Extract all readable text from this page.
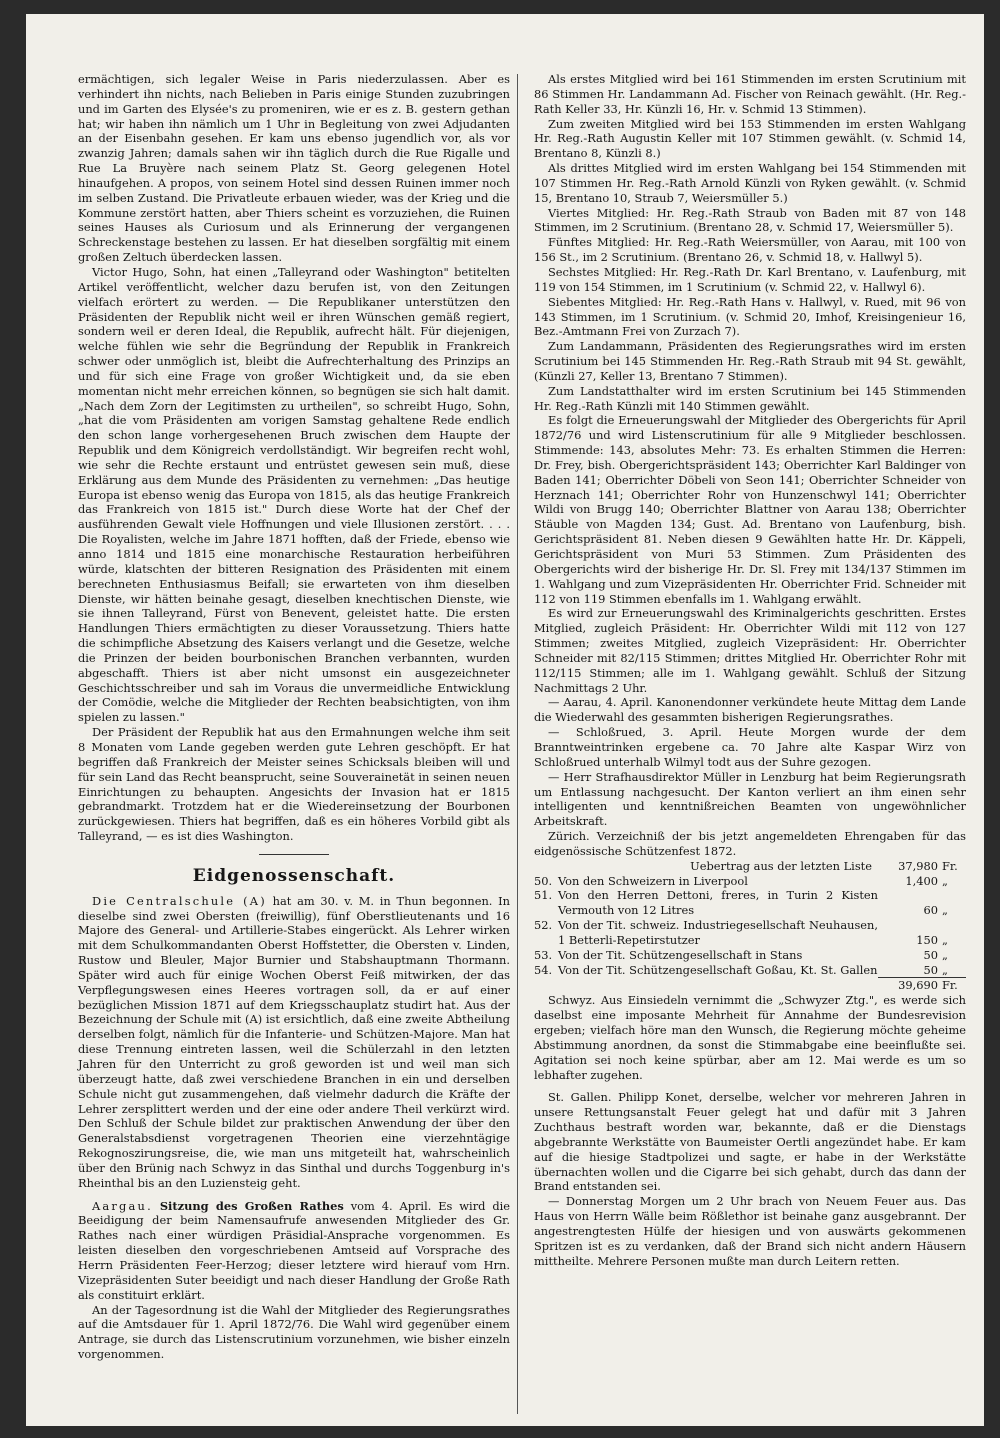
ermächtigen, sich legaler Weise in Paris niederzulassen. Aber es verhindert ihn nichts, nach Belieben in Paris einige Stunden zuzubringen und im Garten des Elysée's zu promeniren, wie er es z. B. gestern gethan hat; wir haben ihn nämlich um 1 Uhr in Begleitung von zwei Adjudanten an der Eisenbahn gesehen. Er kam uns ebenso jugendlich vor, als vor zwanzig Jahren; damals sahen wir ihn täglich durch die Rue Rigalle und Rue La Bruyère nach seinem Platz St. Georg gelegenen Hotel hinaufgehen. A propos, von seinem Hotel sind dessen Ruinen immer noch im selben Zustand. Die Privatleute erbauen wieder, was der Krieg und die Kommune zerstört hatten, aber Thiers scheint es vorzuziehen, die Ruinen seines Hauses als Curiosum und als Erinnerung der vergangenen Schreckenstage bestehen zu lassen. Er hat dieselben sorgfältig mit einem großen Zeltuch überdecken lassen.

Victor Hugo, Sohn, hat einen „Talleyrand oder Washington" betitelten Artikel veröffentlicht, welcher dazu berufen ist, von den Zeitungen vielfach erörtert zu werden. — Die Republikaner unterstützen den Präsidenten der Republik nicht weil er ihren Wünschen gemäß regiert, sondern weil er deren Ideal, die Republik, aufrecht hält. Für diejenigen, welche fühlen wie sehr die Begründung der Republik in Frankreich schwer oder unmöglich ist, bleibt die Aufrechterhaltung des Prinzips an und für sich eine Frage von großer Wichtigkeit und, da sie eben momentan nicht mehr erreichen können, so begnügen sie sich halt damit. „Nach dem Zorn der Legitimsten zu urtheilen", so schreibt Hugo, Sohn, „hat die vom Präsidenten am vorigen Samstag gehaltene Rede endlich den schon lange vorhergesehenen Bruch zwischen dem Haupte der Republik und dem Königreich verdollständigt. Wir begreifen recht wohl, wie sehr die Rechte erstaunt und entrüstet gewesen sein muß, diese Erklärung aus dem Munde des Präsidenten zu vernehmen: „Das heutige Europa ist ebenso wenig das Europa von 1815, als das heutige Frankreich das Frankreich von 1815 ist." Durch diese Worte hat der Chef der ausführenden Gewalt viele Hoffnungen und viele Illusionen zerstört. . . . Die Royalisten, welche im Jahre 1871 hofften, daß der Friede, ebenso wie anno 1814 und 1815 eine monarchische Restauration herbeiführen würde, klatschten der bitteren Resignation des Präsidenten mit einem berechneten Enthusiasmus Beifall; sie erwarteten von ihm dieselben Dienste, wir hätten beinahe gesagt, dieselben knechtischen Dienste, wie sie ihnen Talleyrand, Fürst von Benevent, geleistet hatte. Die ersten Handlungen Thiers ermächtigten zu dieser Voraussetzung. Thiers hatte die schimpfliche Absetzung des Kaisers verlangt und die Gesetze, welche die Prinzen der beiden bourbonischen Branchen verbannten, wurden abgeschafft. Thiers ist aber nicht umsonst ein ausgezeichneter Geschichtsschreiber und sah im Voraus die unvermeidliche Entwicklung der Comödie, welche die Mitglieder der Rechten beabsichtigten, von ihm spielen zu lassen."

Der Präsident der Republik hat aus den Ermahnungen welche ihm seit 8 Monaten vom Lande gegeben werden gute Lehren geschöpft. Er hat begriffen daß Frankreich der Meister seines Schicksals bleiben will und für sein Land das Recht beansprucht, seine Souverainetät in seinen neuen Einrichtungen zu behaupten. Angesichts der Invasion hat er 1815 gebrandmarkt. Trotzdem hat er die Wiedereinsetzung der Bourbonen zurückgewiesen. Thiers hat begriffen, daß es ein höheres Vorbild gibt als Talleyrand, — es ist dies Washington.

Eidgenossenschaft.

Die Centralschule (A) hat am 30. v. M. in Thun begonnen. In dieselbe sind zwei Obersten (freiwillig), fünf Oberstlieutenants und 16 Majore des General- und Artillerie-Stabes eingerückt. Als Lehrer wirken mit dem Schulkommandanten Oberst Hoffstetter, die Obersten v. Linden, Rustow und Bleuler, Major Burnier und Stabshauptmann Thormann. Später wird auch für einige Wochen Oberst Feiß mitwirken, der das Verpflegungswesen eines Heeres vortragen soll, da er auf einer bezüglichen Mission 1871 auf dem Kriegsschauplatz studirt hat. Aus der Bezeichnung der Schule mit (A) ist ersichtlich, daß eine zweite Abtheilung derselben folgt, nämlich für die Infanterie- und Schützen-Majore. Man hat diese Trennung eintreten lassen, weil die Schülerzahl in den letzten Jahren für den Unterricht zu groß geworden ist und weil man sich überzeugt hatte, daß zwei verschiedene Branchen in ein und derselben Schule nicht gut zusammengehen, daß vielmehr dadurch die Kräfte der Lehrer zersplittert werden und der eine oder andere Theil verkürzt wird. Den Schluß der Schule bildet zur praktischen Anwendung der über den Generalstabsdienst vorgetragenen Theorien eine vierzehntägige Rekognoszirungsreise, die, wie man uns mitgeteilt hat, wahrscheinlich über den Brünig nach Schwyz in das Sinthal und durchs Toggenburg in's Rheinthal bis an den Luziensteig geht.

Aargau. Sitzung des Großen Rathes vom 4. April. Es wird die Beeidigung der beim Namensaufrufe anwesenden Mitglieder des Gr. Rathes nach einer würdigen Präsidial-Ansprache vorgenommen. Es leisten dieselben den vorgeschriebenen Amtseid auf Vorsprache des Herrn Präsidenten Feer-Herzog; dieser letztere wird hierauf vom Hrn. Vizepräsidenten Suter beeidigt und nach dieser Handlung der Große Rath als constituirt erklärt.

An der Tagesordnung ist die Wahl der Mitglieder des Regierungsrathes auf die Amtsdauer für 1. April 1872/76. Die Wahl wird gegenüber einem Antrage, sie durch das Listenscrutinium vorzunehmen, wie bisher einzeln vorgenommen.

Als erstes Mitglied wird bei 161 Stimmenden im ersten Scrutinium mit 86 Stimmen Hr. Landammann Ad. Fischer von Reinach gewählt. (Hr. Reg.-Rath Keller 33, Hr. Künzli 16, Hr. v. Schmid 13 Stimmen).

Zum zweiten Mitglied wird bei 153 Stimmenden im ersten Wahlgang Hr. Reg.-Rath Augustin Keller mit 107 Stimmen gewählt. (v. Schmid 14, Brentano 8, Künzli 8.)

Als drittes Mitglied wird im ersten Wahlgang bei 154 Stimmenden mit 107 Stimmen Hr. Reg.-Rath Arnold Künzli von Ryken gewählt. (v. Schmid 15, Brentano 10, Straub 7, Weiersmüller 5.)

Viertes Mitglied: Hr. Reg.-Rath Straub von Baden mit 87 von 148 Stimmen, im 2 Scrutinium. (Brentano 28, v. Schmid 17, Weiersmüller 5).

Fünftes Mitglied: Hr. Reg.-Rath Weiersmüller, von Aarau, mit 100 von 156 St., im 2 Scrutinium. (Brentano 26, v. Schmid 18, v. Hallwyl 5).

Sechstes Mitglied: Hr. Reg.-Rath Dr. Karl Brentano, v. Laufenburg, mit 119 von 154 Stimmen, im 1 Scrutinium (v. Schmid 22, v. Hallwyl 6).

Siebentes Mitglied: Hr. Reg.-Rath Hans v. Hallwyl, v. Rued, mit 96 von 143 Stimmen, im 1 Scrutinium. (v. Schmid 20, Imhof, Kreisingenieur 16, Bez.-Amtmann Frei von Zurzach 7).

Zum Landammann, Präsidenten des Regierungsrathes wird im ersten Scrutinium bei 145 Stimmenden Hr. Reg.-Rath Straub mit 94 St. gewählt, (Künzli 27, Keller 13, Brentano 7 Stimmen).

Zum Landstatthalter wird im ersten Scrutinium bei 145 Stimmenden Hr. Reg.-Rath Künzli mit 140 Stimmen gewählt.

Es folgt die Erneuerungswahl der Mitglieder des Obergerichts für April 1872/76 und wird Listenscrutinium für alle 9 Mitglieder beschlossen. Stimmende: 143, absolutes Mehr: 73. Es erhalten Stimmen die Herren: Dr. Frey, bish. Obergerichtspräsident 143; Oberrichter Karl Baldinger von Baden 141; Oberrichter Döbeli von Seon 141; Oberrichter Schneider von Herznach 141; Oberrichter Rohr von Hunzenschwyl 141; Oberrichter Wildi von Brugg 140; Oberrichter Blattner von Aarau 138; Oberrichter Stäuble von Magden 134; Gust. Ad. Brentano von Laufenburg, bish. Gerichtspräsident 81. Neben diesen 9 Gewählten hatte Hr. Dr. Käppeli, Gerichtspräsident von Muri 53 Stimmen. Zum Präsidenten des Obergerichts wird der bisherige Hr. Dr. Sl. Frey mit 134/137 Stimmen im 1. Wahlgang und zum Vizepräsidenten Hr. Oberrichter Frid. Schneider mit 112 von 119 Stimmen ebenfalls im 1. Wahlgang erwählt.

Es wird zur Erneuerungswahl des Kriminalgerichts geschritten. Erstes Mitglied, zugleich Präsident: Hr. Oberrichter Wildi mit 112 von 127 Stimmen; zweites Mitglied, zugleich Vizepräsident: Hr. Oberrichter Schneider mit 82/115 Stimmen; drittes Mitglied Hr. Oberrichter Rohr mit 112/115 Stimmen; alle im 1. Wahlgang gewählt. Schluß der Sitzung Nachmittags 2 Uhr.

— Aarau, 4. April. Kanonendonner verkündete heute Mittag dem Lande die Wiederwahl des gesammten bisherigen Regierungsrathes.

— Schloßrued, 3. April. Heute Morgen wurde der dem Branntweintrinken ergebene ca. 70 Jahre alte Kaspar Wirz von Schloßrued unterhalb Wilmyl todt aus der Suhre gezogen.

— Herr Strafhausdirektor Müller in Lenzburg hat beim Regierungsrath um Entlassung nachgesucht. Der Kanton verliert an ihm einen sehr intelligenten und kenntnißreichen Beamten von ungewöhnlicher Arbeitskraft.

Zürich. Verzeichniß der bis jetzt angemeldeten Ehrengaben für das eidgenössische Schützenfest 1872.

	Uebertrag aus der letzten Liste	37,980	Fr.
50.	Von den Schweizern in Liverpool	1,400	„
51.	Von den Herren Dettoni, freres, in Turin 2 Kisten Vermouth von 12 Litres	60	„
52.	Von der Tit. schweiz. Industriegesellschaft Neuhausen, 1 Betterli-Repetirstutzer	150	„
53.	Von der Tit. Schützengesellschaft in Stans	50	„
54.	Von der Tit. Schützengesellschaft Goßau, Kt. St. Gallen	50	„
		39,690	Fr.

Schwyz. Aus Einsiedeln vernimmt die „Schwyzer Ztg.", es werde sich daselbst eine imposante Mehrheit für Annahme der Bundesrevision ergeben; vielfach höre man den Wunsch, die Regierung möchte geheime Abstimmung anordnen, da sonst die Stimmabgabe eine beeinflußte sei. Agitation sei noch keine spürbar, aber am 12. Mai werde es um so lebhafter zugehen.

St. Gallen. Philipp Konet, derselbe, welcher vor mehreren Jahren in unsere Rettungsanstalt Feuer gelegt hat und dafür mit 3 Jahren Zuchthaus bestraft worden war, bekannte, daß er die Dienstags abgebrannte Werkstätte von Baumeister Oertli angezündet habe. Er kam auf die hiesige Stadtpolizei und sagte, er habe in der Werkstätte übernachten wollen und die Cigarre bei sich gehabt, durch das dann der Brand entstanden sei.

— Donnerstag Morgen um 2 Uhr brach von Neuem Feuer aus. Das Haus von Herrn Wälle beim Rößlethor ist beinahe ganz ausgebrannt. Der angestrengtesten Hülfe der hiesigen und von auswärts gekommenen Spritzen ist es zu verdanken, daß der Brand sich nicht andern Häusern mittheilte. Mehrere Personen mußte man durch Leitern retten.
